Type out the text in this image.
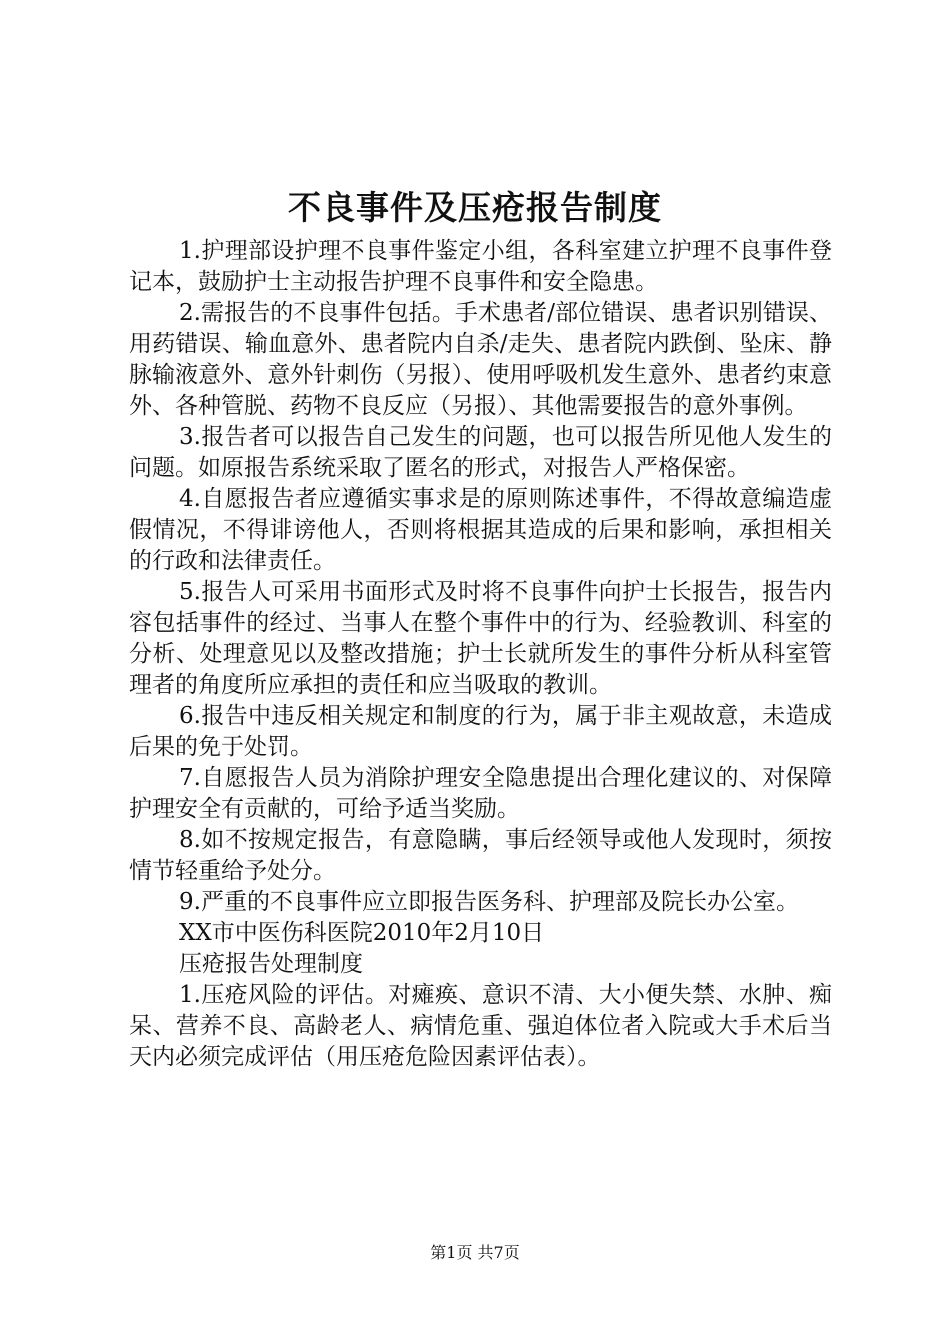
不良事件及压疮报告制度

1.护理部设护理不良事件鉴定小组，各科室建立护理不良事件登记本，鼓励护士主动报告护理不良事件和安全隐患。

2.需报告的不良事件包括。手术患者/部位错误、患者识别错误、用药错误、输血意外、患者院内自杀/走失、患者院内跌倒、坠床、静脉输液意外、意外针刺伤（另报）、使用呼吸机发生意外、患者约束意外、各种管脱、药物不良反应（另报）、其他需要报告的意外事例。

3.报告者可以报告自己发生的问题，也可以报告所见他人发生的问题。如原报告系统采取了匿名的形式，对报告人严格保密。

4.自愿报告者应遵循实事求是的原则陈述事件，不得故意编造虚假情况，不得诽谤他人，否则将根据其造成的后果和影响，承担相关的行政和法律责任。

5.报告人可采用书面形式及时将不良事件向护士长报告，报告内容包括事件的经过、当事人在整个事件中的行为、经验教训、科室的分析、处理意见以及整改措施；护士长就所发生的事件分析从科室管理者的角度所应承担的责任和应当吸取的教训。

6.报告中违反相关规定和制度的行为，属于非主观故意，未造成后果的免于处罚。

7.自愿报告人员为消除护理安全隐患提出合理化建议的、对保障护理安全有贡献的，可给予适当奖励。

8.如不按规定报告，有意隐瞒，事后经领导或他人发现时，须按情节轻重给予处分。

9.严重的不良事件应立即报告医务科、护理部及院长办公室。

XX市中医伤科医院2010年2月10日

压疮报告处理制度

1.压疮风险的评估。对瘫痪、意识不清、大小便失禁、水肿、痴呆、营养不良、高龄老人、病情危重、强迫体位者入院或大手术后当天内必须完成评估（用压疮危险因素评估表）。

第1页 共7页
